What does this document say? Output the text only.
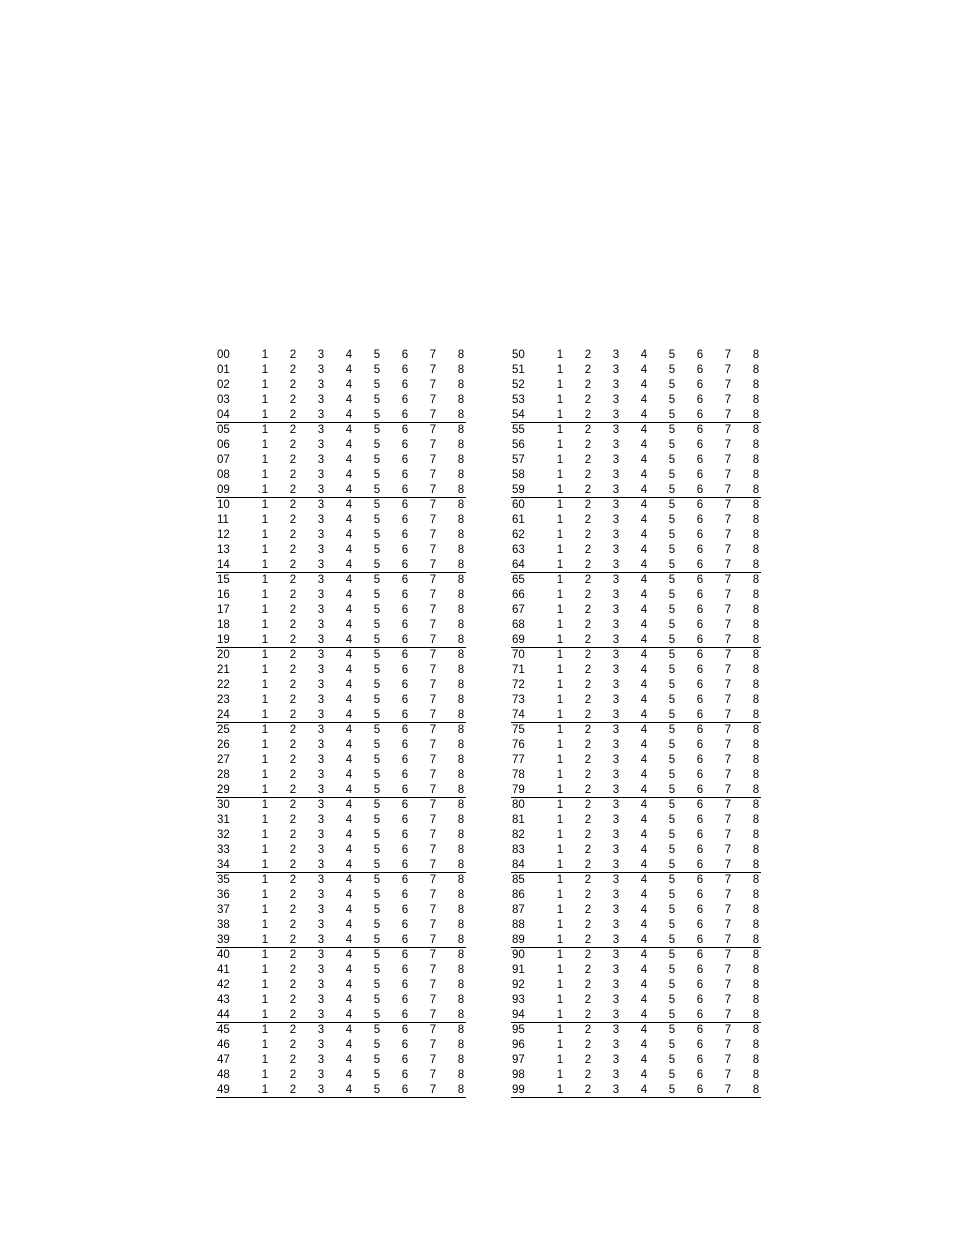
00	1 2 3 4 5 6 7 8
01	1 2 3 4 5 6 7 8
02	1 2 3 4 5 6 7 8
03	1 2 3 4 5 6 7 8
04	1 2 3 4 5 6 7 8
05	1 2 3 4 5 6 7 8
06	1 2 3 4 5 6 7 8
07	1 2 3 4 5 6 7 8
08	1 2 3 4 5 6 7 8
09	1 2 3 4 5 6 7 8
10	1 2 3 4 5 6 7 8
11	1 2 3 4 5 6 7 8
12	1 2 3 4 5 6 7 8
13	1 2 3 4 5 6 7 8
14	1 2 3 4 5 6 7 8
15	1 2 3 4 5 6 7 8
16	1 2 3 4 5 6 7 8
17	1 2 3 4 5 6 7 8
18	1 2 3 4 5 6 7 8
19	1 2 3 4 5 6 7 8
20	1 2 3 4 5 6 7 8
21	1 2 3 4 5 6 7 8
22	1 2 3 4 5 6 7 8
23	1 2 3 4 5 6 7 8
24	1 2 3 4 5 6 7 8
25	1 2 3 4 5 6 7 8
26	1 2 3 4 5 6 7 8
27	1 2 3 4 5 6 7 8
28	1 2 3 4 5 6 7 8
29	1 2 3 4 5 6 7 8
30	1 2 3 4 5 6 7 8
31	1 2 3 4 5 6 7 8
32	1 2 3 4 5 6 7 8
33	1 2 3 4 5 6 7 8
34	1 2 3 4 5 6 7 8
35	1 2 3 4 5 6 7 8
36	1 2 3 4 5 6 7 8
37	1 2 3 4 5 6 7 8
38	1 2 3 4 5 6 7 8
39	1 2 3 4 5 6 7 8
40	1 2 3 4 5 6 7 8
41	1 2 3 4 5 6 7 8
42	1 2 3 4 5 6 7 8
43	1 2 3 4 5 6 7 8
44	1 2 3 4 5 6 7 8
45	1 2 3 4 5 6 7 8
46	1 2 3 4 5 6 7 8
47	1 2 3 4 5 6 7 8
48	1 2 3 4 5 6 7 8
49	1 2 3 4 5 6 7 8
50	1 2 3 4 5 6 7 8
51	1 2 3 4 5 6 7 8
52	1 2 3 4 5 6 7 8
53	1 2 3 4 5 6 7 8
54	1 2 3 4 5 6 7 8
55	1 2 3 4 5 6 7 8
56	1 2 3 4 5 6 7 8
57	1 2 3 4 5 6 7 8
58	1 2 3 4 5 6 7 8
59	1 2 3 4 5 6 7 8
60	1 2 3 4 5 6 7 8
61	1 2 3 4 5 6 7 8
62	1 2 3 4 5 6 7 8
63	1 2 3 4 5 6 7 8
64	1 2 3 4 5 6 7 8
65	1 2 3 4 5 6 7 8
66	1 2 3 4 5 6 7 8
67	1 2 3 4 5 6 7 8
68	1 2 3 4 5 6 7 8
69	1 2 3 4 5 6 7 8
70	1 2 3 4 5 6 7 8
71	1 2 3 4 5 6 7 8
72	1 2 3 4 5 6 7 8
73	1 2 3 4 5 6 7 8
74	1 2 3 4 5 6 7 8
75	1 2 3 4 5 6 7 8
76	1 2 3 4 5 6 7 8
77	1 2 3 4 5 6 7 8
78	1 2 3 4 5 6 7 8
79	1 2 3 4 5 6 7 8
80	1 2 3 4 5 6 7 8
81	1 2 3 4 5 6 7 8
82	1 2 3 4 5 6 7 8
83	1 2 3 4 5 6 7 8
84	1 2 3 4 5 6 7 8
85	1 2 3 4 5 6 7 8
86	1 2 3 4 5 6 7 8
87	1 2 3 4 5 6 7 8
88	1 2 3 4 5 6 7 8
89	1 2 3 4 5 6 7 8
90	1 2 3 4 5 6 7 8
91	1 2 3 4 5 6 7 8
92	1 2 3 4 5 6 7 8
93	1 2 3 4 5 6 7 8
94	1 2 3 4 5 6 7 8
95	1 2 3 4 5 6 7 8
96	1 2 3 4 5 6 7 8
97	1 2 3 4 5 6 7 8
98	1 2 3 4 5 6 7 8
99	1 2 3 4 5 6 7 8
